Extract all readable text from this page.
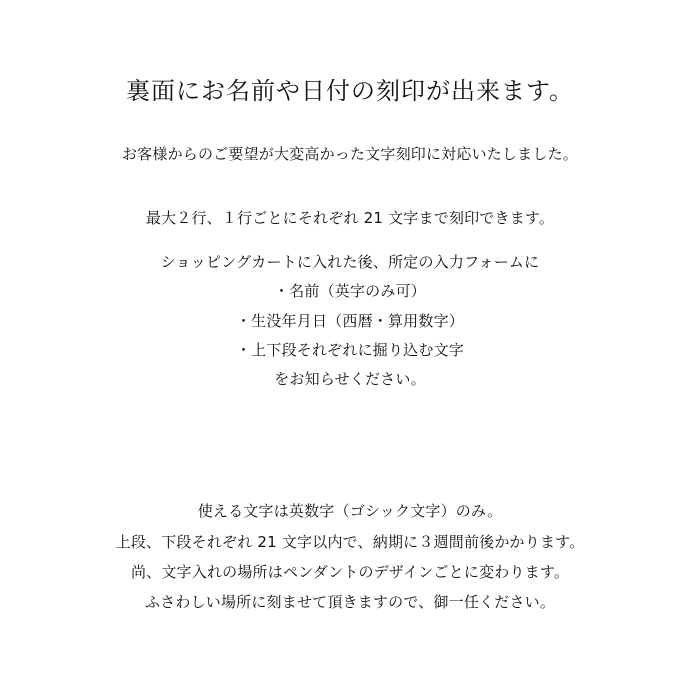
裏面にお名前や日付の刻印が出来ます。

お客様からのご要望が大変高かった文字刻印に対応いたしました。

最大２行、１行ごとにそれぞれ 21 文字まで刻印できます。

ショッピングカートに入れた後、所定の入力フォームに

・名前（英字のみ可）

・生没年月日（西暦・算用数字）

・上下段それぞれに掘り込む文字

をお知らせください。

使える文字は英数字（ゴシック文字）のみ。

上段、下段それぞれ 21 文字以内で、納期に３週間前後かかります。

尚、文字入れの場所はペンダントのデザインごとに変わります。

ふさわしい場所に刻ませて頂きますので、御一任ください。
